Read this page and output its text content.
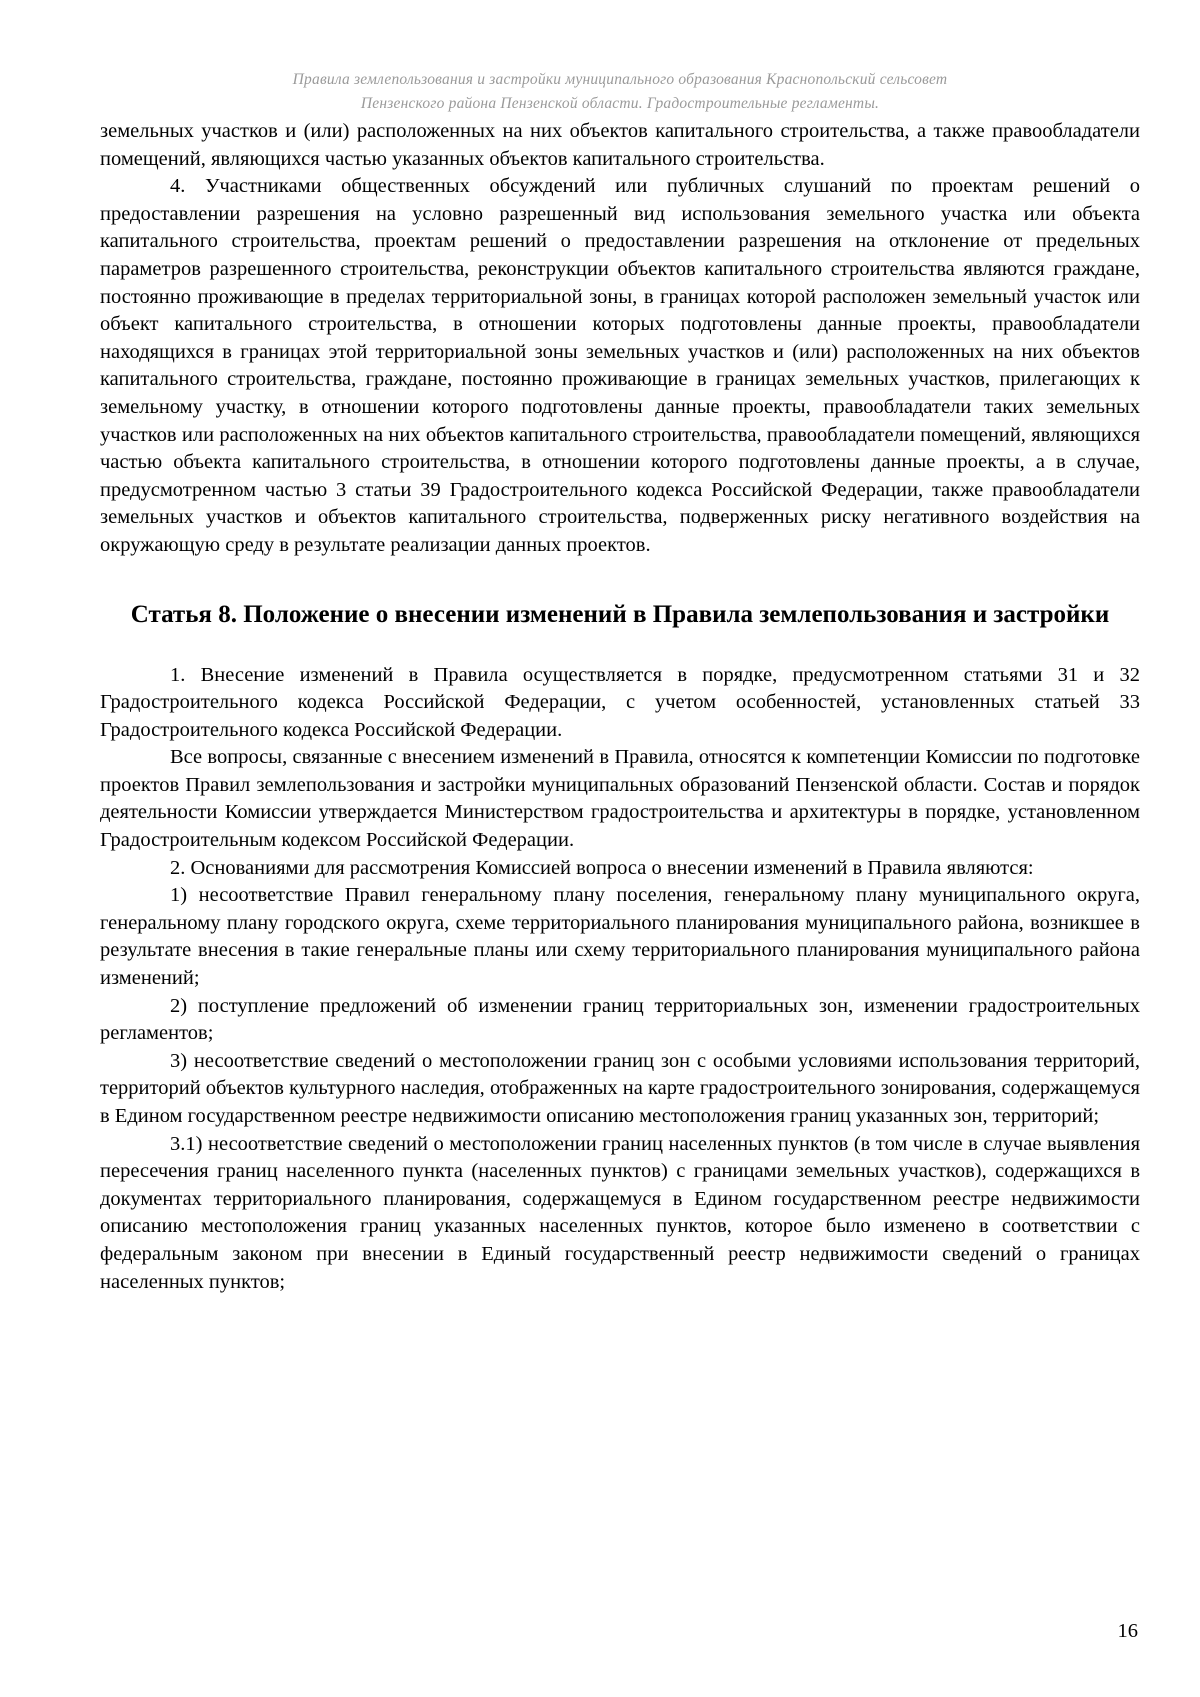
Правила землепользования и застройки муниципального образования Краснопольский сельсовет
Пензенского района Пензенской области. Градостроительные регламенты.

земельных участков и (или) расположенных на них объектов капитального строительства, а также правообладатели помещений, являющихся частью указанных объектов капитального строительства.

4. Участниками общественных обсуждений или публичных слушаний по проектам решений о предоставлении разрешения на условно разрешенный вид использования земельного участка или объекта капитального строительства, проектам решений о предоставлении разрешения на отклонение от предельных параметров разрешенного строительства, реконструкции объектов капитального строительства являются граждане, постоянно проживающие в пределах территориальной зоны, в границах которой расположен земельный участок или объект капитального строительства, в отношении которых подготовлены данные проекты, правообладатели находящихся в границах этой территориальной зоны земельных участков и (или) расположенных на них объектов капитального строительства, граждане, постоянно проживающие в границах земельных участков, прилегающих к земельному участку, в отношении которого подготовлены данные проекты, правообладатели таких земельных участков или расположенных на них объектов капитального строительства, правообладатели помещений, являющихся частью объекта капитального строительства, в отношении которого подготовлены данные проекты, а в случае, предусмотренном частью 3 статьи 39 Градостроительного кодекса Российской Федерации, также правообладатели земельных участков и объектов капитального строительства, подверженных риску негативного воздействия на окружающую среду в результате реализации данных проектов.

Статья 8. Положение о внесении изменений в Правила землепользования и застройки

1. Внесение изменений в Правила осуществляется в порядке, предусмотренном статьями 31 и 32 Градостроительного кодекса Российской Федерации, с учетом особенностей, установленных статьей 33 Градостроительного кодекса Российской Федерации.

Все вопросы, связанные с внесением изменений в Правила, относятся к компетенции Комиссии по подготовке проектов Правил землепользования и застройки муниципальных образований Пензенской области. Состав и порядок деятельности Комиссии утверждается Министерством градостроительства и архитектуры в порядке, установленном Градостроительным кодексом Российской Федерации.

2. Основаниями для рассмотрения Комиссией вопроса о внесении изменений в Правила являются:

1) несоответствие Правил генеральному плану поселения, генеральному плану муниципального округа, генеральному плану городского округа, схеме территориального планирования муниципального района, возникшее в результате внесения в такие генеральные планы или схему территориального планирования муниципального района изменений;

2) поступление предложений об изменении границ территориальных зон, изменении градостроительных регламентов;

3) несоответствие сведений о местоположении границ зон с особыми условиями использования территорий, территорий объектов культурного наследия, отображенных на карте градостроительного зонирования, содержащемуся в Едином государственном реестре недвижимости описанию местоположения границ указанных зон, территорий;

3.1) несоответствие сведений о местоположении границ населенных пунктов (в том числе в случае выявления пересечения границ населенного пункта (населенных пунктов) с границами земельных участков), содержащихся в документах территориального планирования, содержащемуся в Едином государственном реестре недвижимости описанию местоположения границ указанных населенных пунктов, которое было изменено в соответствии с федеральным законом при внесении в Единый государственный реестр недвижимости сведений о границах населенных пунктов;

16
